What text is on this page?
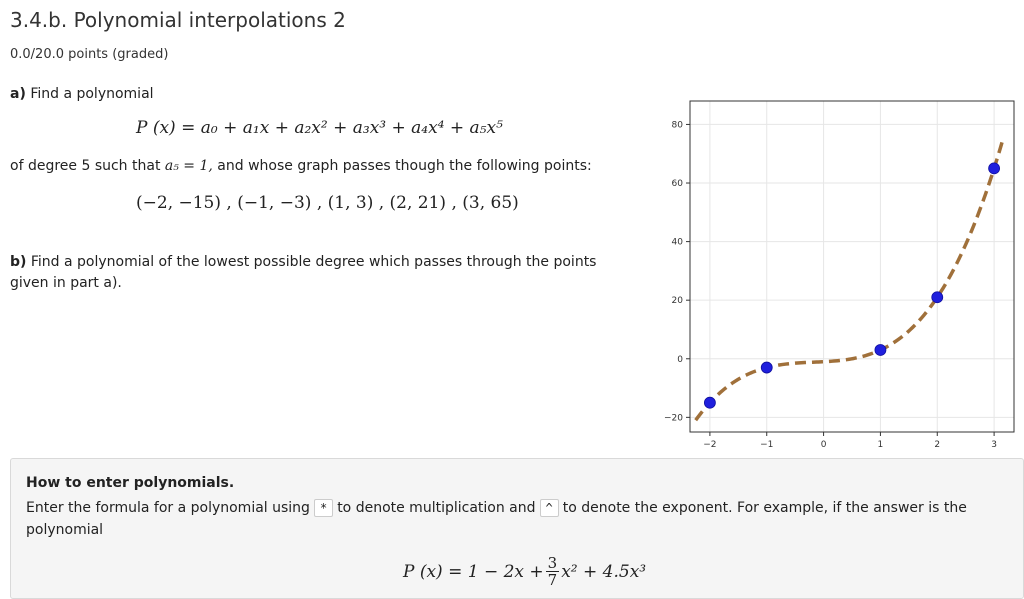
3.4.b. Polynomial interpolations 2
0.0/20.0 points (graded)
a) Find a polynomial
P (x) = a₀ + a₁x + a₂x² + a₃x³ + a₄x⁴ + a₅x⁵
of degree 5 such that a₅ = 1, and whose graph passes though the following points:
(−2, −15) , (−1, −3) , (1, 3) , (2, 21) , (3, 65)
b) Find a polynomial of the lowest possible degree which passes through the points given in part a).
−2	−1	0	1	2	3
80
60
40
20
0
−20
How to enter polynomials.
Enter the formula for a polynomial using * to denote multiplication and ^ to denote the exponent. For example, if the answer is the polynomial
P $(x) = 1 - 2x + \frac{3}{7} x^2 + 4.5x^3$
